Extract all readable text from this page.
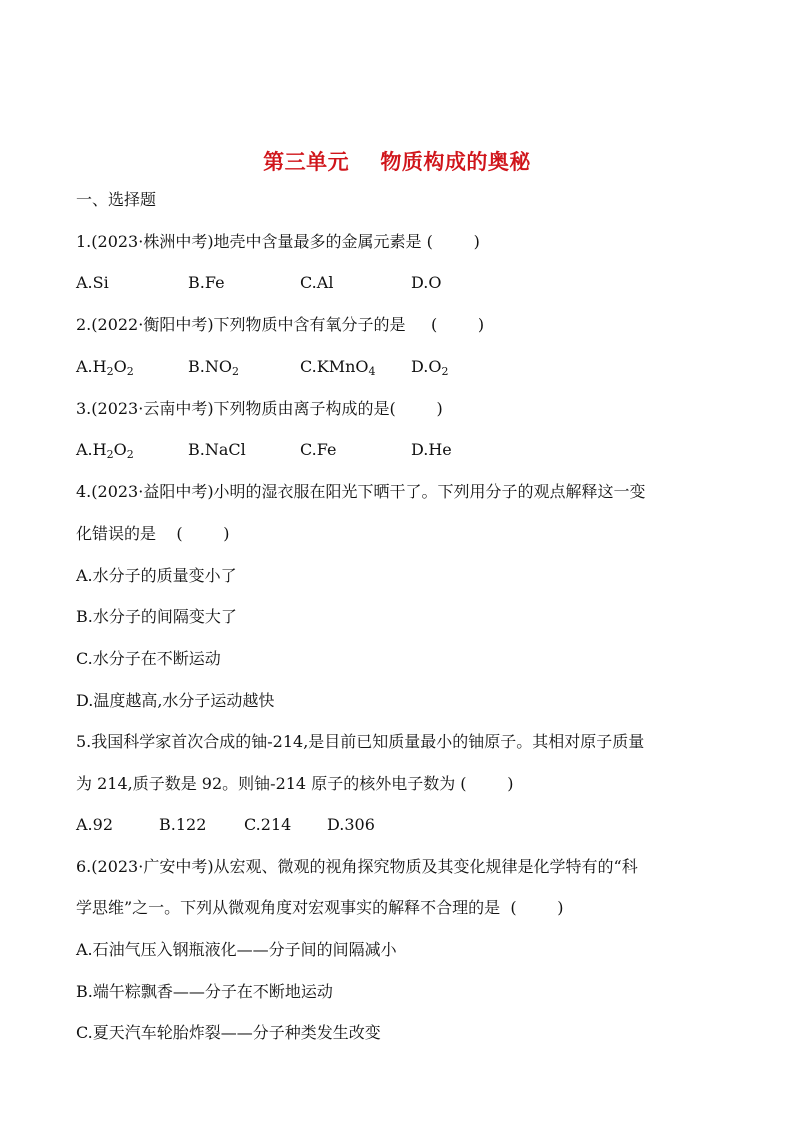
第三单元    物质构成的奥秘
一、选择题
1.(2023·株洲中考)地壳中含量最多的金属元素是 (        )
A.Si	B.Fe	C.Al	D.O
2.(2022·衡阳中考)下列物质中含有氧分子的是     (        )
$A.H_2O_2$	$B.NO_2$	C.KMnO$_4$ $D.O_2$
3.(2023·云南中考)下列物质由离子构成的是(        )
$A.H_2O_2$	B.NaCl	C.Fe	D.He
4.(2023·益阳中考)小明的湿衣服在阳光下晒干了。下列用分子的观点解释这一变
化错误的是    (        )
A.水分子的质量变小了
B.水分子的间隔变大了
C.水分子在不断运动
D.温度越高,水分子运动越快
5.我国科学家首次合成的铀-214,是目前已知质量最小的铀原子。其相对原子质量
为 214,质子数是 92。则铀-214 原子的核外电子数为 (        )
A.92	B.122 C.214 D.306
6.(2023·广安中考)从宏观、微观的视角探究物质及其变化规律是化学特有的“科
学思维”之一。下列从微观角度对宏观事实的解释不合理的是  (        )
A.石油气压入钢瓶液化——分子间的间隔减小
B.端午粽飘香——分子在不断地运动
C.夏天汽车轮胎炸裂——分子种类发生改变
